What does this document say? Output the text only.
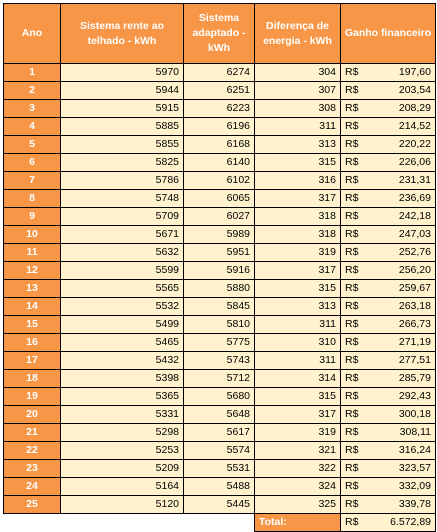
Ano	Sistema rente ao telhado - kWh	Sistema adaptado - kWh	Diferença de energia - kWh	Ganho financeiro
1	5970	6274	304	R$ 197,60

2	5944	6251	307	R$ 203,54

3	5915	6223	308	R$ 208,29

4	5885	6196	311	R$ 214,52

5	5855	6168	313	R$ 220,22

6	5825	6140	315	R$ 226,06

7	5786	6102	316	R$ 231,31

8	5748	6065	317	R$ 236,69

9	5709	6027	318	R$ 242,18

10	5671	5989	318	R$ 247,03

11	5632	5951	319	R$ 252,76

12	5599	5916	317	R$ 256,20

13	5565	5880	315	R$ 259,67

14	5532	5845	313	R$ 263,18

15	5499	5810	311	R$ 266,73

16	5465	5775	310	R$ 271,19

17	5432	5743	311	R$ 277,51

18	5398	5712	314	R$ 285,79

19	5365	5680	315	R$ 292,43

20	5331	5648	317	R$ 300,18

21	5298	5617	319	R$ 308,11

22	5253	5574	321	R$ 316,24

23	5209	5531	322	R$ 323,57

24	5164	5488	324	R$ 332,09

25	5120	5445	325	R$ 339,78

			Total:	R$ 6.572,89
